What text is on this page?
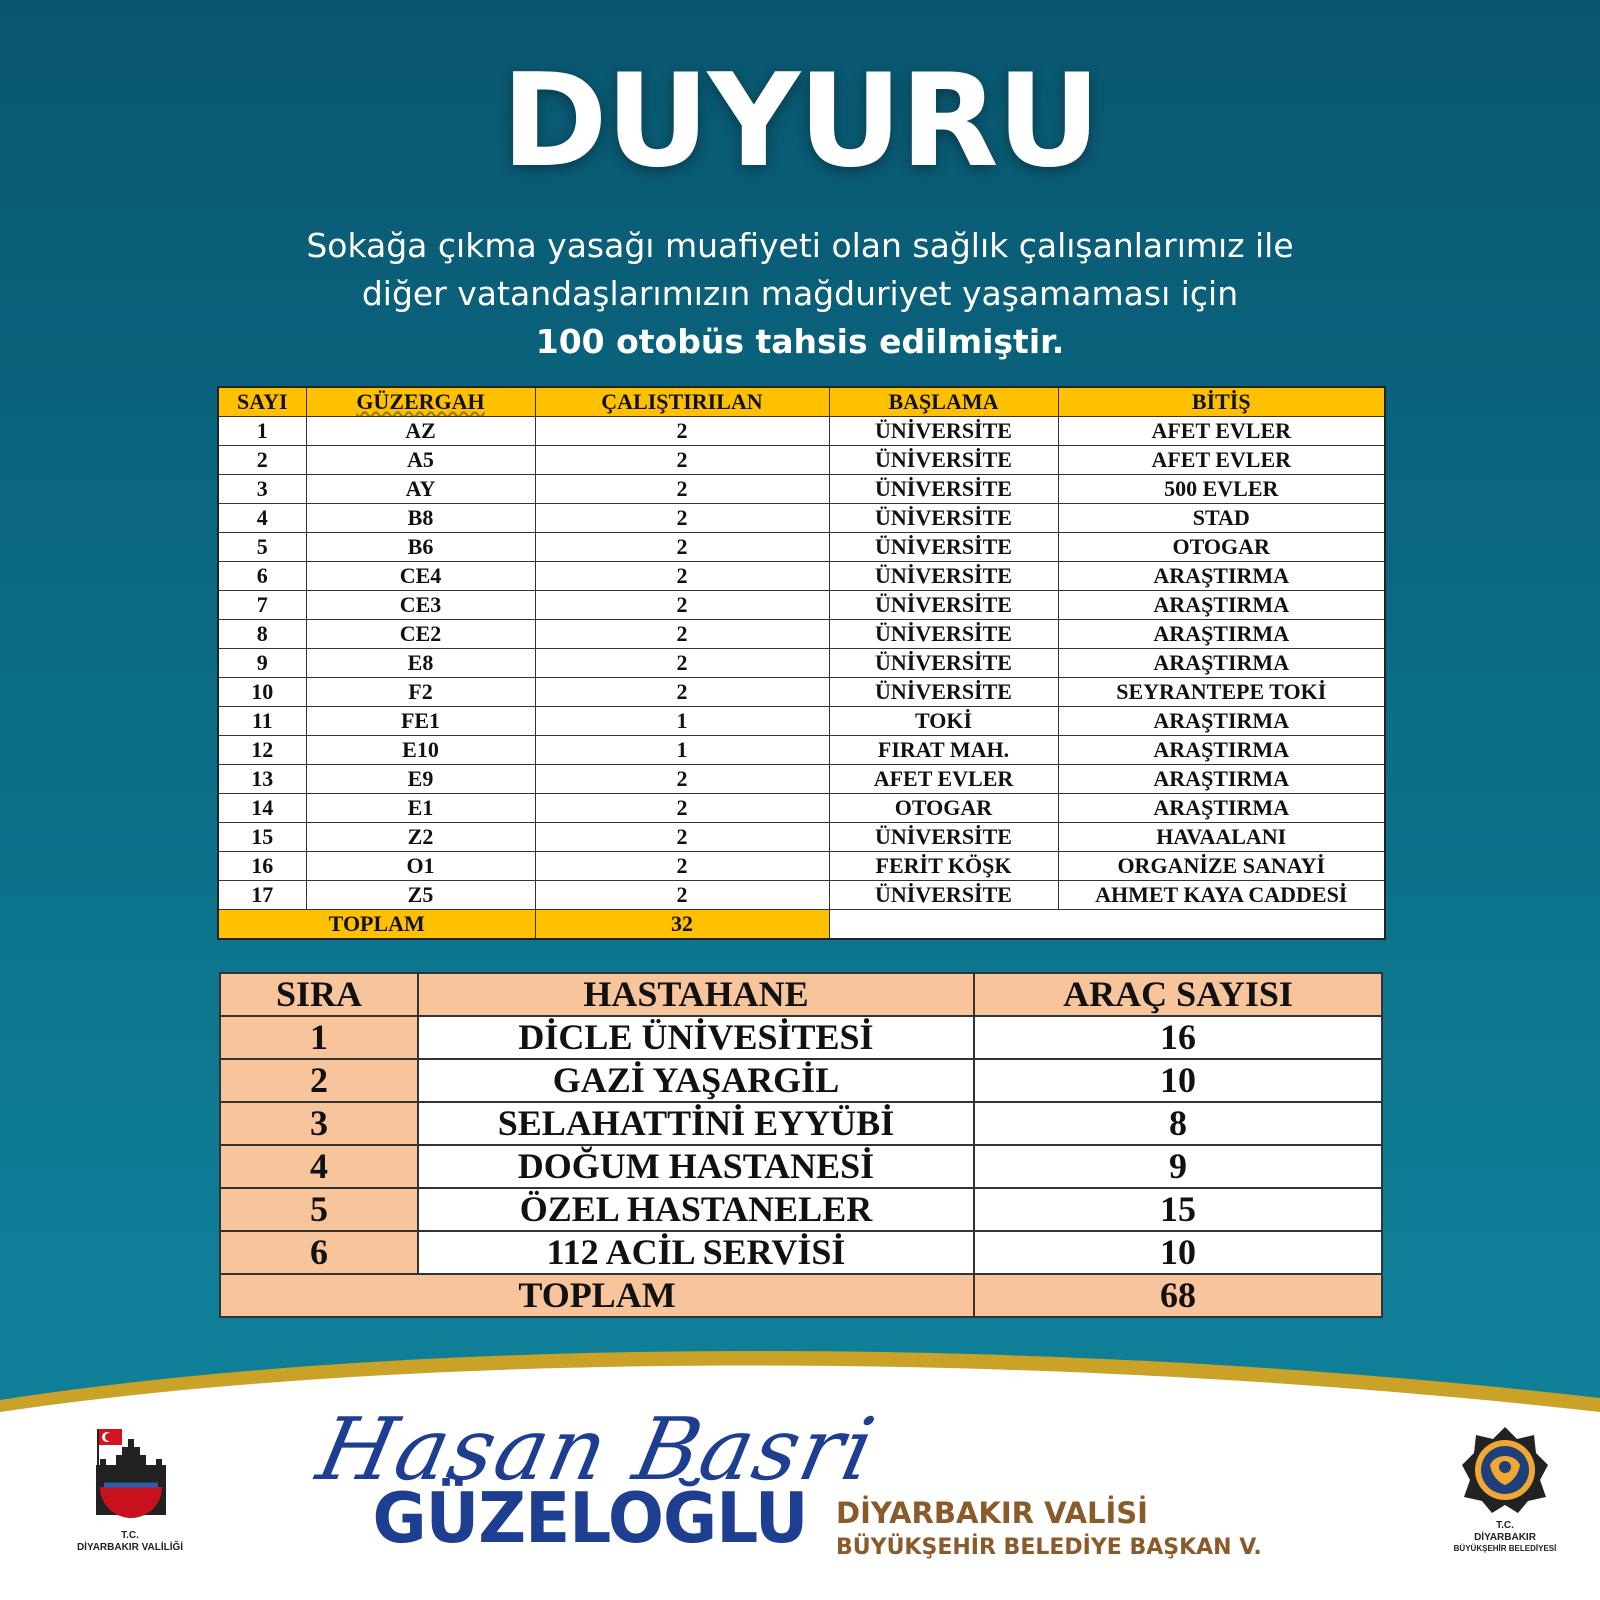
DUYURU
Sokağa çıkma yasağı muafiyeti olan sağlık çalışanlarımız ile
diğer vatandaşlarımızın mağduriyet yaşamaması için
100 otobüs tahsis edilmiştir.
SAYI	GÜZERGAH	ÇALIŞTIRILAN	BAŞLAMA	BİTİŞ
1	AZ	2	ÜNİVERSİTE	AFET EVLER
2	A5	2	ÜNİVERSİTE	AFET EVLER
3	AY	2	ÜNİVERSİTE	500 EVLER
4	B8	2	ÜNİVERSİTE	STAD
5	B6	2	ÜNİVERSİTE	OTOGAR
6	CE4	2	ÜNİVERSİTE	ARAŞTIRMA
7	CE3	2	ÜNİVERSİTE	ARAŞTIRMA
8	CE2	2	ÜNİVERSİTE	ARAŞTIRMA
9	E8	2	ÜNİVERSİTE	ARAŞTIRMA
10	F2	2	ÜNİVERSİTE	SEYRANTEPE TOKİ
11	FE1	1	TOKİ	ARAŞTIRMA
12	E10	1	FIRAT MAH.	ARAŞTIRMA
13	E9	2	AFET EVLER	ARAŞTIRMA
14	E1	2	OTOGAR	ARAŞTIRMA
15	Z2	2	ÜNİVERSİTE	HAVAALANI
16	O1	2	FERİT KÖŞK	ORGANİZE SANAYİ
17	Z5	2	ÜNİVERSİTE	AHMET KAYA CADDESİ
TOPLAM		32		
SIRA	HASTAHANE	ARAÇ SAYISI
1	DİCLE ÜNİVESİTESİ	16
2	GAZİ YAŞARGİL	10
3	SELAHATTİNİ EYYÜBİ	8
4	DOĞUM HASTANESİ	9
5	ÖZEL HASTANELER	15
6	112 ACİL SERVİSİ	10
TOPLAM		68
T.C.
DİYARBAKIR VALİLİĞİ
Hasan Basri
GÜZELOĞLU DİYARBAKIR VALİSİ
BÜYÜKŞEHİR BELEDİYE BAŞKAN V.
T.C.
DİYARBAKIR
BÜYÜKŞEHİR BELEDİYESİ
